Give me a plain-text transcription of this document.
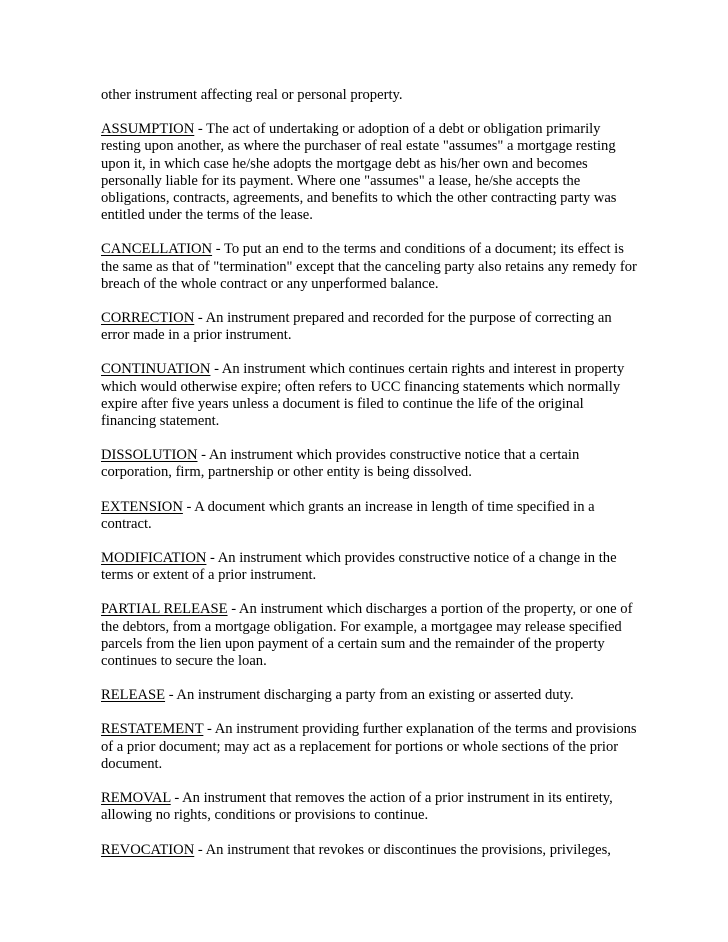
other instrument affecting real or personal property.

ASSUMPTION - The act of undertaking or adoption of a debt or obligation primarily resting upon another, as where the purchaser of real estate "assumes" a mortgage resting upon it, in which case he/she adopts the mortgage debt as his/her own and becomes personally liable for its payment. Where one "assumes" a lease, he/she accepts the obligations, contracts, agreements, and benefits to which the other contracting party was entitled under the terms of the lease.

CANCELLATION - To put an end to the terms and conditions of a document; its effect is the same as that of "termination" except that the canceling party also retains any remedy for breach of the whole contract or any unperformed balance.

CORRECTION - An instrument prepared and recorded for the purpose of correcting an error made in a prior instrument.

CONTINUATION - An instrument which continues certain rights and interest in property which would otherwise expire; often refers to UCC financing statements which normally expire after five years unless a document is filed to continue the life of the original financing statement.

DISSOLUTION - An instrument which provides constructive notice that a certain corporation, firm, partnership or other entity is being dissolved.

EXTENSION - A document which grants an increase in length of time specified in a contract.

MODIFICATION - An instrument which provides constructive notice of a change in the terms or extent of a prior instrument.

PARTIAL RELEASE - An instrument which discharges a portion of the property, or one of the debtors, from a mortgage obligation. For example, a mortgagee may release specified parcels from the lien upon payment of a certain sum and the remainder of the property continues to secure the loan.

RELEASE - An instrument discharging a party from an existing or asserted duty.

RESTATEMENT - An instrument providing further explanation of the terms and provisions of a prior document; may act as a replacement for portions or whole sections of the prior document.

REMOVAL - An instrument that removes the action of a prior instrument in its entirety, allowing no rights, conditions or provisions to continue.

REVOCATION - An instrument that revokes or discontinues the provisions, privileges,
